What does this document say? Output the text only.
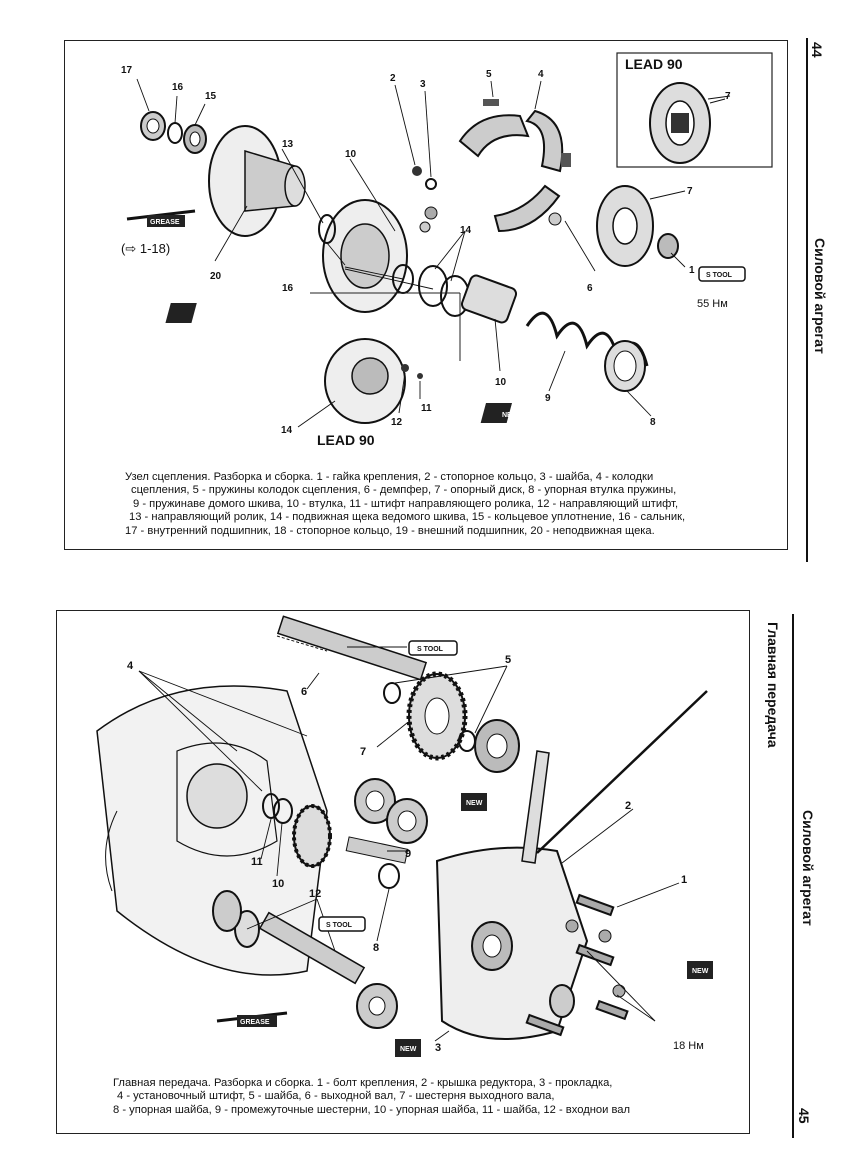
LEAD 90
LEAD 90
17
16
15
13
2
3
10
5	4
7
7
14
16
20
6
1
10
9
8
14
12
11
GREASE
(⇨ 1-18)
S TOOL
55 Нм
NEW
NEW

Узел сцепления. Разборка и сборка. 1 - гайка крепления, 2 - стопорное кольцо, 3 - шайба, 4 - колодки

сцепления, 5 - пружины колодок сцепления, 6 - демпфер, 7 - опорный диск, 8 - упорная втулка пружины,

9 - пружинаве домого шкива, 10 - втулка, 11 - штифт направляющего ролика, 12 - направляющий штифт,

13 - направляющий ролик, 14 - подвижная щека ведомого шкива, 15 - кольцевое уплотнение, 16 - сальник,

17 - внутренний подшипник, 18 - стопорное кольцо, 19 - внешний подшипник, 20 - неподвижная щека.

44
Силовой агрегат
4
6
5
7
2
1
11
10
9
8
12
3
S TOOL
S TOOL
GREASE
NEW
NEW
NEW	18 Нм

Главная передача. Разборка и сборка. 1 - болт крепления, 2 - крышка редуктора, 3 - прокладка,

4 - установочный штифт, 5 - шайба, 6 - выходной вал, 7 - шестерня выходного вала,

8 - упорная шайба, 9 - промежуточные шестерни, 10 - упорная шайба, 11 - шайба, 12 - входнои вал

Главная передача
Силовой агрегат
45
